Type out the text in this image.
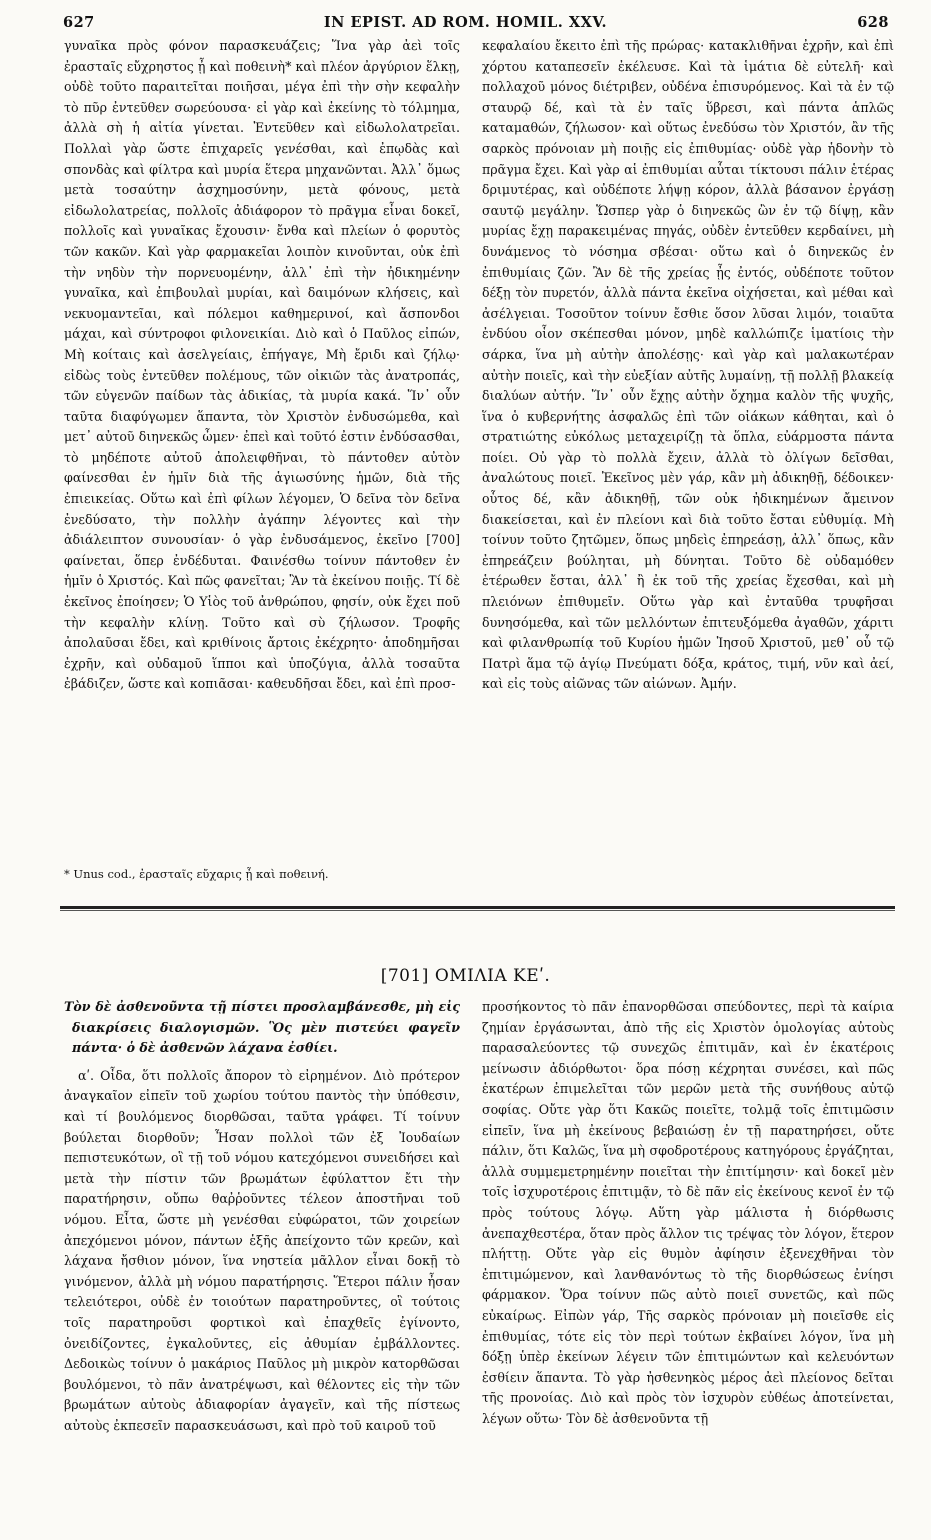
627	IN EPIST. AD ROM. HOMIL. XXV.	628

γυναῖκα πρὸς φόνον παρασκευάζεις; Ἵνα γὰρ ἀεὶ τοῖς ἐρασταῖς εὔχρηστος ᾖ καὶ ποθεινὴ* καὶ πλέον ἀργύριον ἕλκῃ, οὐδὲ τοῦτο παραιτεῖται ποιῆσαι, μέγα ἐπὶ τὴν σὴν κεφαλὴν τὸ πῦρ ἐντεῦθεν σωρεύουσα· εἰ γὰρ καὶ ἐκείνης τὸ τόλμημα, ἀλλὰ σὴ ἡ αἰτία γίνεται. Ἐντεῦθεν καὶ εἰδωλολατρεῖαι. Πολλαὶ γὰρ ὥστε ἐπιχαρεῖς γενέσθαι, καὶ ἐπῳδὰς καὶ σπονδὰς καὶ φίλτρα καὶ μυρία ἕτερα μηχανῶνται. Ἀλλ᾽ ὅμως μετὰ τοσαύτην ἀσχημοσύνην, μετὰ φόνους, μετὰ εἰδωλολατρείας, πολλοῖς ἀδιάφορον τὸ πρᾶγμα εἶναι δοκεῖ, πολλοῖς καὶ γυναῖκας ἔχουσιν· ἔνθα καὶ πλείων ὁ φορυτὸς τῶν κακῶν. Καὶ γὰρ φαρμακεῖαι λοιπὸν κινοῦνται, οὐκ ἐπὶ τὴν νηδὺν τὴν πορνευομένην, ἀλλ᾽ ἐπὶ τὴν ἠδικημένην γυναῖκα, καὶ ἐπιβουλαὶ μυρίαι, καὶ δαιμόνων κλήσεις, καὶ νεκυομαντεῖαι, καὶ πόλεμοι καθημερινοί, καὶ ἄσπονδοι μάχαι, καὶ σύντροφοι φιλονεικίαι. Διὸ καὶ ὁ Παῦλος εἰπών, Μὴ κοίταις καὶ ἀσελγείαις, ἐπήγαγε, Μὴ ἔριδι καὶ ζήλῳ· εἰδὼς τοὺς ἐντεῦθεν πολέμους, τῶν οἰκιῶν τὰς ἀνατροπάς, τῶν εὐγενῶν παίδων τὰς ἀδικίας, τὰ μυρία κακά. Ἵν᾽ οὖν ταῦτα διαφύγωμεν ἅπαντα, τὸν Χριστὸν ἐνδυσώμεθα, καὶ μετ᾽ αὐτοῦ διηνεκῶς ὦμεν· ἐπεὶ καὶ τοῦτό ἐστιν ἐνδύσασθαι, τὸ μηδέποτε αὐτοῦ ἀπολειφθῆναι, τὸ πάντοθεν αὐτὸν φαίνεσθαι ἐν ἡμῖν διὰ τῆς ἁγιωσύνης ἡμῶν, διὰ τῆς ἐπιεικείας. Οὕτω καὶ ἐπὶ φίλων λέγομεν, Ὁ δεῖνα τὸν δεῖνα ἐνεδύσατο, τὴν πολλὴν ἀγάπην λέγοντες καὶ τὴν ἀδιάλειπτον συνουσίαν· ὁ γὰρ ἐνδυσάμενος, ἐκεῖνο [700] φαίνεται, ὅπερ ἐνδέδυται. Φαινέσθω τοίνυν πάντοθεν ἐν ἡμῖν ὁ Χριστός. Καὶ πῶς φανεῖται; Ἂν τὰ ἐκείνου ποιῇς. Τί δὲ ἐκεῖνος ἐποίησεν; Ὁ Υἱὸς τοῦ ἀνθρώπου, φησίν, οὐκ ἔχει ποῦ τὴν κεφαλὴν κλίνῃ. Τοῦτο καὶ σὺ ζήλωσον. Τροφῆς ἀπολαῦσαι ἔδει, καὶ κριθίνοις ἄρτοις ἐκέχρητο· ἀποδημῆσαι ἐχρῆν, καὶ οὐδαμοῦ ἵπποι καὶ ὑποζύγια, ἀλλὰ τοσαῦτα ἐβάδιζεν, ὥστε καὶ κοπιᾶσαι· καθευδῆσαι ἔδει, καὶ ἐπὶ προσ-

κεφαλαίου ἔκειτο ἐπὶ τῆς πρώρας· κατακλιθῆναι ἐχρῆν, καὶ ἐπὶ χόρτου καταπεσεῖν ἐκέλευσε. Καὶ τὰ ἱμάτια δὲ εὐτελῆ· καὶ πολλαχοῦ μόνος διέτριβεν, οὐδένα ἐπισυρόμενος. Καὶ τὰ ἐν τῷ σταυρῷ δέ, καὶ τὰ ἐν ταῖς ὕβρεσι, καὶ πάντα ἁπλῶς καταμαθών, ζήλωσον· καὶ οὕτως ἐνεδύσω τὸν Χριστόν, ἂν τῆς σαρκὸς πρόνοιαν μὴ ποιῇς εἰς ἐπιθυμίας· οὐδὲ γὰρ ἡδονὴν τὸ πρᾶγμα ἔχει. Καὶ γὰρ αἱ ἐπιθυμίαι αὗται τίκτουσι πάλιν ἑτέρας δριμυτέρας, καὶ οὐδέποτε λήψῃ κόρον, ἀλλὰ βάσανον ἐργάσῃ σαυτῷ μεγάλην. Ὥσπερ γὰρ ὁ διηνεκῶς ὢν ἐν τῷ δίψῃ, κἂν μυρίας ἔχῃ παρακειμένας πηγάς, οὐδὲν ἐντεῦθεν κερδαίνει, μὴ δυνάμενος τὸ νόσημα σβέσαι· οὕτω καὶ ὁ διηνεκῶς ἐν ἐπιθυμίαις ζῶν. Ἂν δὲ τῆς χρείας ᾖς ἐντός, οὐδέποτε τοῦτον δέξῃ τὸν πυρετόν, ἀλλὰ πάντα ἐκεῖνα οἰχήσεται, καὶ μέθαι καὶ ἀσέλγειαι. Τοσοῦτον τοίνυν ἔσθιε ὅσον λῦσαι λιμόν, τοιαῦτα ἐνδύου οἷον σκέπεσθαι μόνον, μηδὲ καλλώπιζε ἱματίοις τὴν σάρκα, ἵνα μὴ αὐτὴν ἀπολέσῃς· καὶ γὰρ καὶ μαλακωτέραν αὐτὴν ποιεῖς, καὶ τὴν εὐεξίαν αὐτῆς λυμαίνῃ, τῇ πολλῇ βλακείᾳ διαλύων αὐτήν. Ἵν᾽ οὖν ἔχῃς αὐτὴν ὄχημα καλὸν τῆς ψυχῆς, ἵνα ὁ κυβερνήτης ἀσφαλῶς ἐπὶ τῶν οἰάκων κάθηται, καὶ ὁ στρατιώτης εὐκόλως μεταχειρίζῃ τὰ ὅπλα, εὐάρμοστα πάντα ποίει. Οὐ γὰρ τὸ πολλὰ ἔχειν, ἀλλὰ τὸ ὀλίγων δεῖσθαι, ἀναλώτους ποιεῖ. Ἐκεῖνος μὲν γάρ, κἂν μὴ ἀδικηθῇ, δέδοικεν· οὗτος δέ, κἂν ἀδικηθῇ, τῶν οὐκ ἠδικημένων ἄμεινον διακείσεται, καὶ ἐν πλείονι καὶ διὰ τοῦτο ἔσται εὐθυμίᾳ. Μὴ τοίνυν τοῦτο ζητῶμεν, ὅπως μηδεὶς ἐπηρεάσῃ, ἀλλ᾽ ὅπως, κἂν ἐπηρεάζειν βούληται, μὴ δύνηται. Τοῦτο δὲ οὐδαμόθεν ἑτέρωθεν ἔσται, ἀλλ᾽ ἢ ἐκ τοῦ τῆς χρείας ἔχεσθαι, καὶ μὴ πλειόνων ἐπιθυμεῖν. Οὕτω γὰρ καὶ ἐνταῦθα τρυφῆσαι δυνησόμεθα, καὶ τῶν μελλόντων ἐπιτευξόμεθα ἀγαθῶν, χάριτι καὶ φιλανθρωπίᾳ τοῦ Κυρίου ἡμῶν Ἰησοῦ Χριστοῦ, μεθ᾽ οὗ τῷ Πατρὶ ἅμα τῷ ἁγίῳ Πνεύματι δόξα, κράτος, τιμή, νῦν καὶ ἀεί, καὶ εἰς τοὺς αἰῶνας τῶν αἰώνων. Ἀμήν.

* Unus cod., ἐρασταῖς εὔχαρις ᾖ καὶ ποθεινή.
[701] ΟΜΙΛΙΑ ΚΕʹ.

Τὸν δὲ ἀσθενοῦντα τῇ πίστει προσλαμβάνεσθε, μὴ εἰς διακρίσεις διαλογισμῶν. Ὃς μὲν πιστεύει φαγεῖν πάντα· ὁ δὲ ἀσθενῶν λάχανα ἐσθίει.

αʹ. Οἶδα, ὅτι πολλοῖς ἄπορον τὸ εἰρημένον. Διὸ πρότερον ἀναγκαῖον εἰπεῖν τοῦ χωρίου τούτου παντὸς τὴν ὑπόθεσιν, καὶ τί βουλόμενος διορθῶσαι, ταῦτα γράφει. Τί τοίνυν βούλεται διορθοῦν; Ἦσαν πολλοὶ τῶν ἐξ Ἰουδαίων πεπιστευκότων, οἳ τῇ τοῦ νόμου κατεχόμενοι συνειδήσει καὶ μετὰ τὴν πίστιν τῶν βρωμάτων ἐφύλαττον ἔτι τὴν παρατήρησιν, οὔπω θαῤῥοῦντες τέλεον ἀποστῆναι τοῦ νόμου. Εἶτα, ὥστε μὴ γενέσθαι εὐφώρατοι, τῶν χοιρείων ἀπεχόμενοι μόνον, πάντων ἑξῆς ἀπείχοντο τῶν κρεῶν, καὶ λάχανα ἤσθιον μόνον, ἵνα νηστεία μᾶλλον εἶναι δοκῇ τὸ γινόμενον, ἀλλὰ μὴ νόμου παρατήρησις. Ἕτεροι πάλιν ἦσαν τελειότεροι, οὐδὲ ἐν τοιούτων παρατηροῦντες, οἳ τούτοις τοῖς παρατηροῦσι φορτικοὶ καὶ ἐπαχθεῖς ἐγίνοντο, ὀνειδίζοντες, ἐγκαλοῦντες, εἰς ἀθυμίαν ἐμβάλλοντες. Δεδοικὼς τοίνυν ὁ μακάριος Παῦλος μὴ μικρὸν κατορθῶσαι βουλόμενοι, τὸ πᾶν ἀνατρέψωσι, καὶ θέλοντες εἰς τὴν τῶν βρωμάτων αὐτοὺς ἀδιαφορίαν ἀγαγεῖν, καὶ τῆς πίστεως αὐτοὺς ἐκπεσεῖν παρασκευάσωσι, καὶ πρὸ τοῦ καιροῦ τοῦ

προσήκοντος τὸ πᾶν ἐπανορθῶσαι σπεύδοντες, περὶ τὰ καίρια ζημίαν ἐργάσωνται, ἀπὸ τῆς εἰς Χριστὸν ὁμολογίας αὐτοὺς παρασαλεύοντες τῷ συνεχῶς ἐπιτιμᾶν, καὶ ἐν ἑκατέροις μείνωσιν ἀδιόρθωτοι· ὅρα πόσῃ κέχρηται συνέσει, καὶ πῶς ἑκατέρων ἐπιμελεῖται τῶν μερῶν μετὰ τῆς συνήθους αὐτῷ σοφίας. Οὔτε γὰρ ὅτι Κακῶς ποιεῖτε, τολμᾷ τοῖς ἐπιτιμῶσιν εἰπεῖν, ἵνα μὴ ἐκείνους βεβαιώσῃ ἐν τῇ παρατηρήσει, οὔτε πάλιν, ὅτι Καλῶς, ἵνα μὴ σφοδροτέρους κατηγόρους ἐργάζηται, ἀλλὰ συμμεμετρημένην ποιεῖται τὴν ἐπιτίμησιν· καὶ δοκεῖ μὲν τοῖς ἰσχυροτέροις ἐπιτιμᾷν, τὸ δὲ πᾶν εἰς ἐκείνους κενοῖ ἐν τῷ πρὸς τούτους λόγῳ. Αὕτη γὰρ μάλιστα ἡ διόρθωσις ἀνεπαχθεστέρα, ὅταν πρὸς ἄλλον τις τρέψας τὸν λόγον, ἕτερον πλήττῃ. Οὔτε γὰρ εἰς θυμὸν ἀφίησιν ἐξενεχθῆναι τὸν ἐπιτιμώμενον, καὶ λανθανόντως τὸ τῆς διορθώσεως ἐνίησι φάρμακον. Ὅρα τοίνυν πῶς αὐτὸ ποιεῖ συνετῶς, καὶ πῶς εὐκαίρως. Εἰπὼν γάρ, Τῆς σαρκὸς πρόνοιαν μὴ ποιεῖσθε εἰς ἐπιθυμίας, τότε εἰς τὸν περὶ τούτων ἐκβαίνει λόγον, ἵνα μὴ δόξῃ ὑπὲρ ἐκείνων λέγειν τῶν ἐπιτιμώντων καὶ κελευόντων ἐσθίειν ἅπαντα. Τὸ γὰρ ἠσθενηκὸς μέρος ἀεὶ πλείονος δεῖται τῆς προνοίας. Διὸ καὶ πρὸς τὸν ἰσχυρὸν εὐθέως ἀποτείνεται, λέγων οὕτω· Τὸν δὲ ἀσθενοῦντα τῇ
